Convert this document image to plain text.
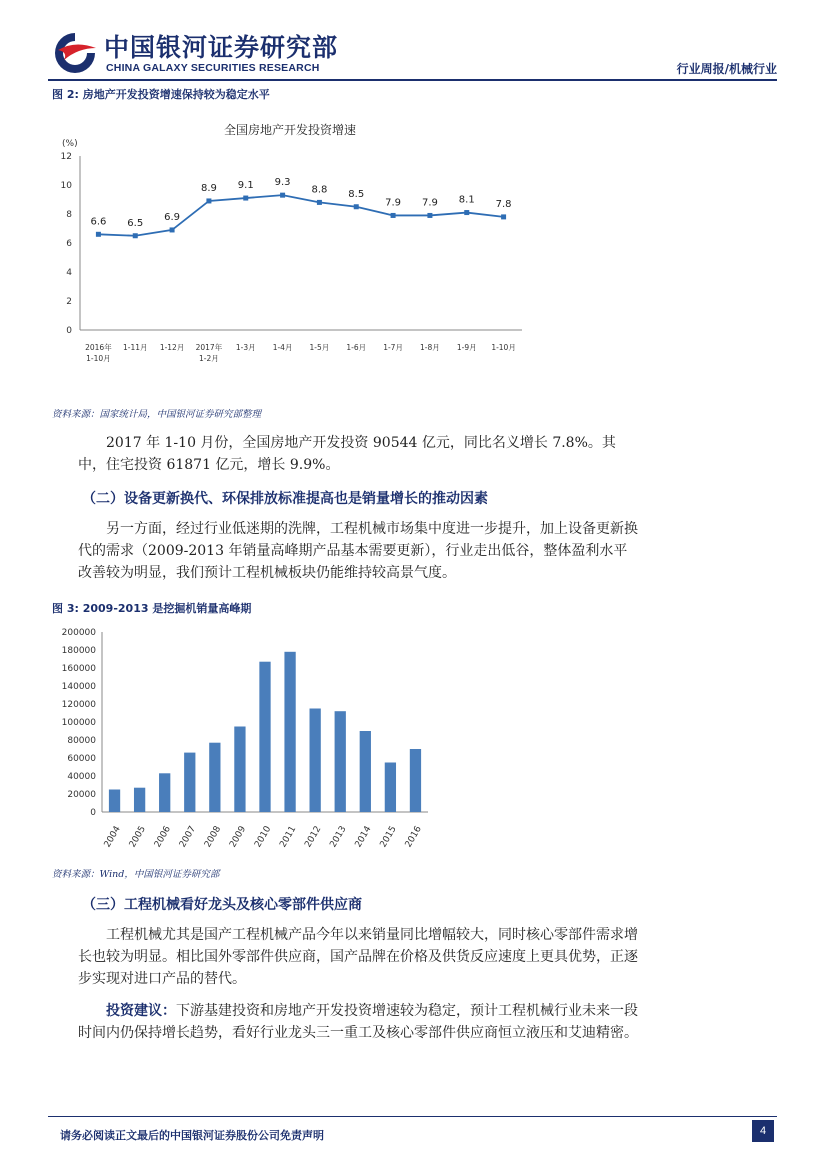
中国银河证券研究部
CHINA GALAXY SECURITIES RESEARCH	行业周报/机械行业
图 2: 房地产开发投资增速保持较为稳定水平
全国房地产开发投资增速
(%)
0
2
4
6
8
10
12
6.6 6.5
6.9
8.9 9.1 9.3
8.8 8.5
7.9 7.9 8.1 7.8
2016年
1-10月
1-11月 1-12月 2017年
1-2月
1-3月 1-4月 1-5月 1-6月 1-7月 1-8月 1-9月 1-10月
资料来源：国家统计局，中国银河证券研究部整理
2017 年 1-10 月份，全国房地产开发投资 90544 亿元，同比名义增长 7.8%。其中，住宅投资 61871 亿元，增长 9.9%。
（二）设备更新换代、环保排放标准提高也是销量增长的推动因素
另一方面，经过行业低迷期的洗牌，工程机械市场集中度进一步提升，加上设备更新换代的需求（2009-2013 年销量高峰期产品基本需要更新），行业走出低谷，整体盈利水平改善较为明显，我们预计工程机械板块仍能维持较高景气度。
图 3: 2009-2013 是挖掘机销量高峰期
0
20000
40000
60000
80000
100000
120000
140000
160000
180000
200000
2004 2005 2006 2007 2008 2009 2010 2011 2012 2013 2014 2015 2016
资料来源：Wind，中国银河证券研究部
（三）工程机械看好龙头及核心零部件供应商
工程机械尤其是国产工程机械产品今年以来销量同比增幅较大，同时核心零部件需求增长也较为明显。相比国外零部件供应商，国产品牌在价格及供货反应速度上更具优势，正逐步实现对进口产品的替代。
投资建议：下游基建投资和房地产开发投资增速较为稳定，预计工程机械行业未来一段时间内仍保持增长趋势，看好行业龙头三一重工及核心零部件供应商恒立液压和艾迪精密。
请务必阅读正文最后的中国银河证券股份公司免责声明	4
